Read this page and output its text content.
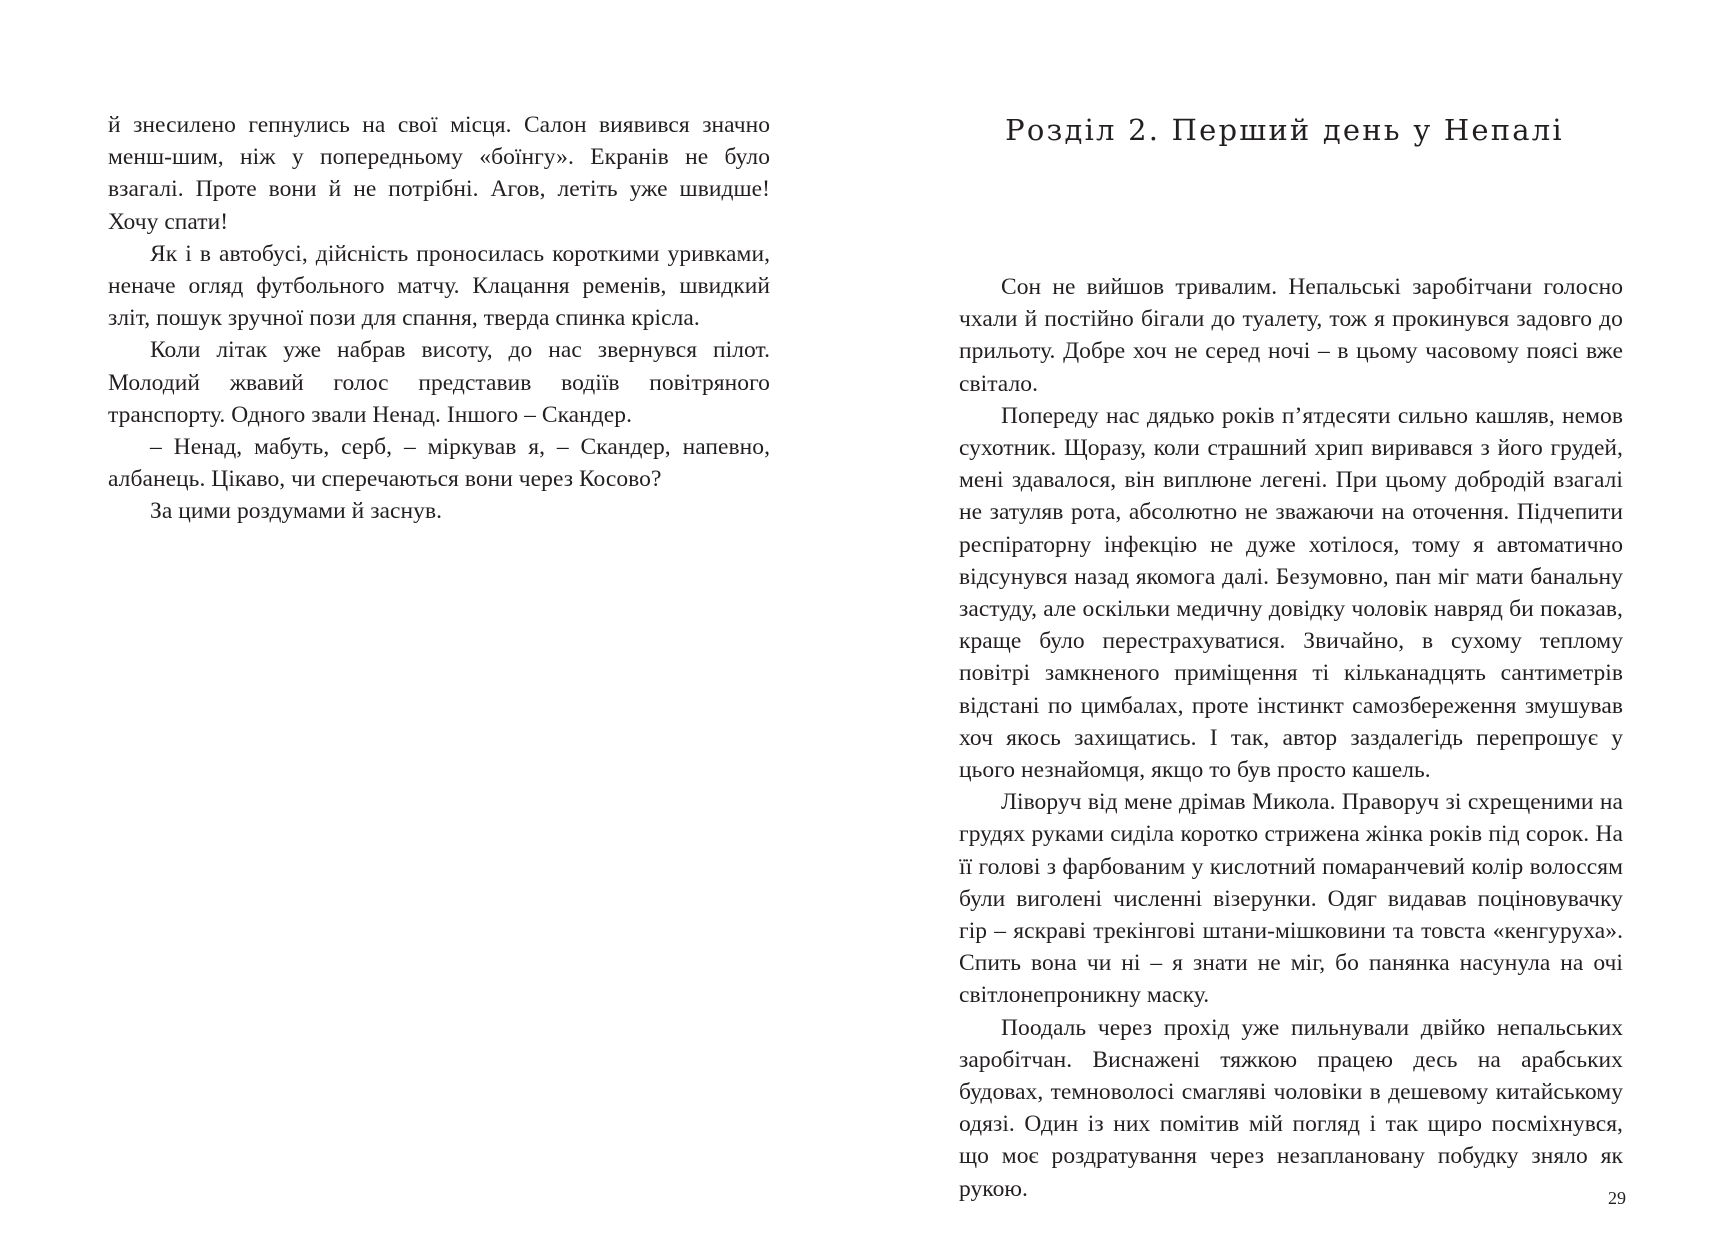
й знесилено гепнулись на свої місця. Салон виявився значно менш-шим, ніж у попередньому «боїнгу». Екранів не було взагалі. Проте вони й не потрібні. Агов, летіть уже швидше! Хочу спати!

Як і в автобусі, дійсність проносилась короткими уривками, неначе огляд футбольного матчу. Клацання ременів, швидкий зліт, пошук зручної пози для спання, тверда спинка крісла.

Коли літак уже набрав висоту, до нас звернувся пілот. Молодий жвавий голос представив водіїв повітряного транспорту. Одного звали Ненад. Іншого – Скандер.

– Ненад, мабуть, серб, – міркував я, – Скандер, напевно, албанець. Цікаво, чи сперечаються вони через Косово?

За цими роздумами й заснув.

Розділ 2. Перший день у Непалі

Сон не вийшов тривалим. Непальські заробітчани голосно чхали й постійно бігали до туалету, тож я прокинувся задовго до прильоту. Добре хоч не серед ночі – в цьому часовому поясі вже світало.

Попереду нас дядько років п’ятдесяти сильно кашляв, немов сухотник. Щоразу, коли страшний хрип виривався з його грудей, мені здавалося, він виплюне легені. При цьому добродій взагалі не затуляв рота, абсолютно не зважаючи на оточення. Підчепити респіраторну інфекцію не дуже хотілося, тому я автоматично відсунувся назад якомога далі. Безумовно, пан міг мати банальну застуду, але оскільки медичну довідку чоловік навряд би показав, краще було перестрахуватися. Звичайно, в сухому теплому повітрі замкненого приміщення ті кільканадцять сантиметрів відстані по цимбалах, проте інстинкт самозбереження змушував хоч якось захищатись. І так, автор заздалегідь перепрошує у цього незнайомця, якщо то був просто кашель.

Ліворуч від мене дрімав Микола. Праворуч зі схрещеними на грудях руками сиділа коротко стрижена жінка років під сорок. На її голові з фарбованим у кислотний помаранчевий колір волоссям були виголені численні візерунки. Одяг видавав поціновувачку гір – яскраві трекінгові штани-мішковини та товста «кенгуруха». Спить вона чи ні – я знати не міг, бо панянка насунула на очі світлонепроникну маску.

Поодаль через прохід уже пильнували двійко непальських заробітчан. Виснажені тяжкою працею десь на арабських будовах, темноволосі смагляві чоловіки в дешевому китайському одязі. Один із них помітив мій погляд і так щиро посміхнувся, що моє роздратування через незаплановану побудку зняло як рукою.	29
